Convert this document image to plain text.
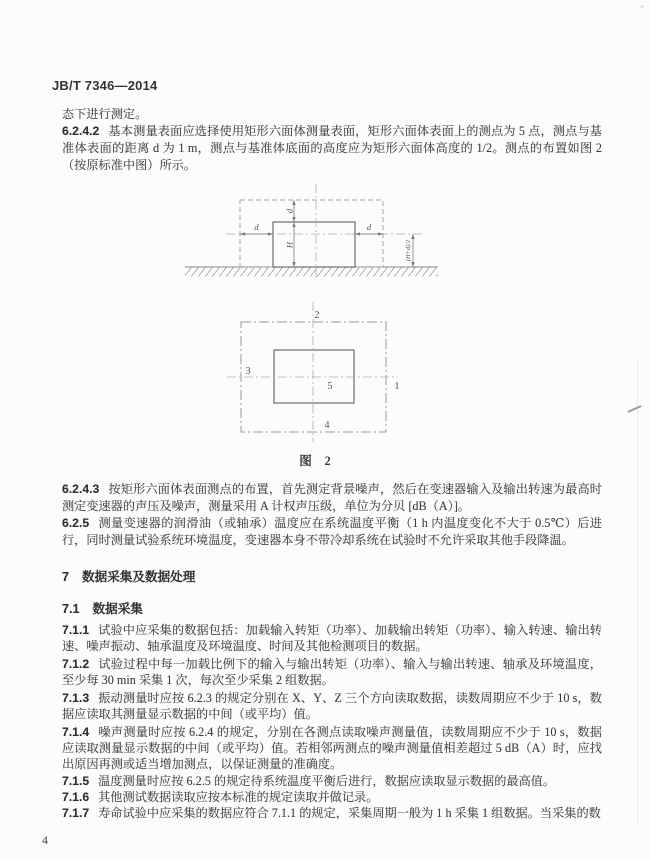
JB/T 7346—2014
态下进行测定。
6.2.4.2 基本测量表面应选择使用矩形六面体测量表面，矩形六面体表面上的测点为 5 点，测点与基准体表面的距离 d 为 1 m，测点与基准体底面的高度应为矩形六面体高度的 1/2。测点的布置如图 2（按原标准中图）所示。
d
H
d	d
(H+d)/2
2
3
5	1
4
图　2
6.2.4.3 按矩形六面体表面测点的布置，首先测定背景噪声，然后在变速器输入及输出转速为最高时测定变速器的声压及噪声，测量采用 A 计权声压级，单位为分贝 [dB（A）]。
6.2.5 测量变速器的润滑油（或轴承）温度应在系统温度平衡（1 h 内温度变化不大于 0.5℃）后进行，同时测量试验系统环境温度，变速器本身不带冷却系统在试验时不允许采取其他手段降温。
7 数据采集及数据处理
7.1 数据采集
7.1.1 试验中应采集的数据包括：加载输入转矩（功率）、加载输出转矩（功率）、输入转速、输出转速、噪声振动、轴承温度及环境温度、时间及其他检测项目的数据。
7.1.2 试验过程中每一加载比例下的输入与输出转矩（功率）、输入与输出转速、轴承及环境温度，至少每 30 min 采集 1 次，每次至少采集 2 组数据。
7.1.3 振动测量时应按 6.2.3 的规定分别在 X、Y、Z 三个方向读取数据，读数周期应不少于 10 s，数据应读取其测量显示数据的中间（或平均）值。
7.1.4 噪声测量时应按 6.2.4 的规定，分别在各测点读取噪声测量值，读数周期应不少于 10 s，数据应读取测量显示数据的中间（或平均）值。若相邻两测点的噪声测量值相差超过 5 dB（A）时，应找出原因再测或适当增加测点，以保证测量的准确度。
7.1.5 温度测量时应按 6.2.5 的规定待系统温度平衡后进行，数据应读取显示数据的最高值。
7.1.6 其他测试数据读取应按本标准的规定读取并做记录。
7.1.7 寿命试验中应采集的数据应符合 7.1.1 的规定，采集周期一般为 1 h 采集 1 组数据。当采集的数
4
